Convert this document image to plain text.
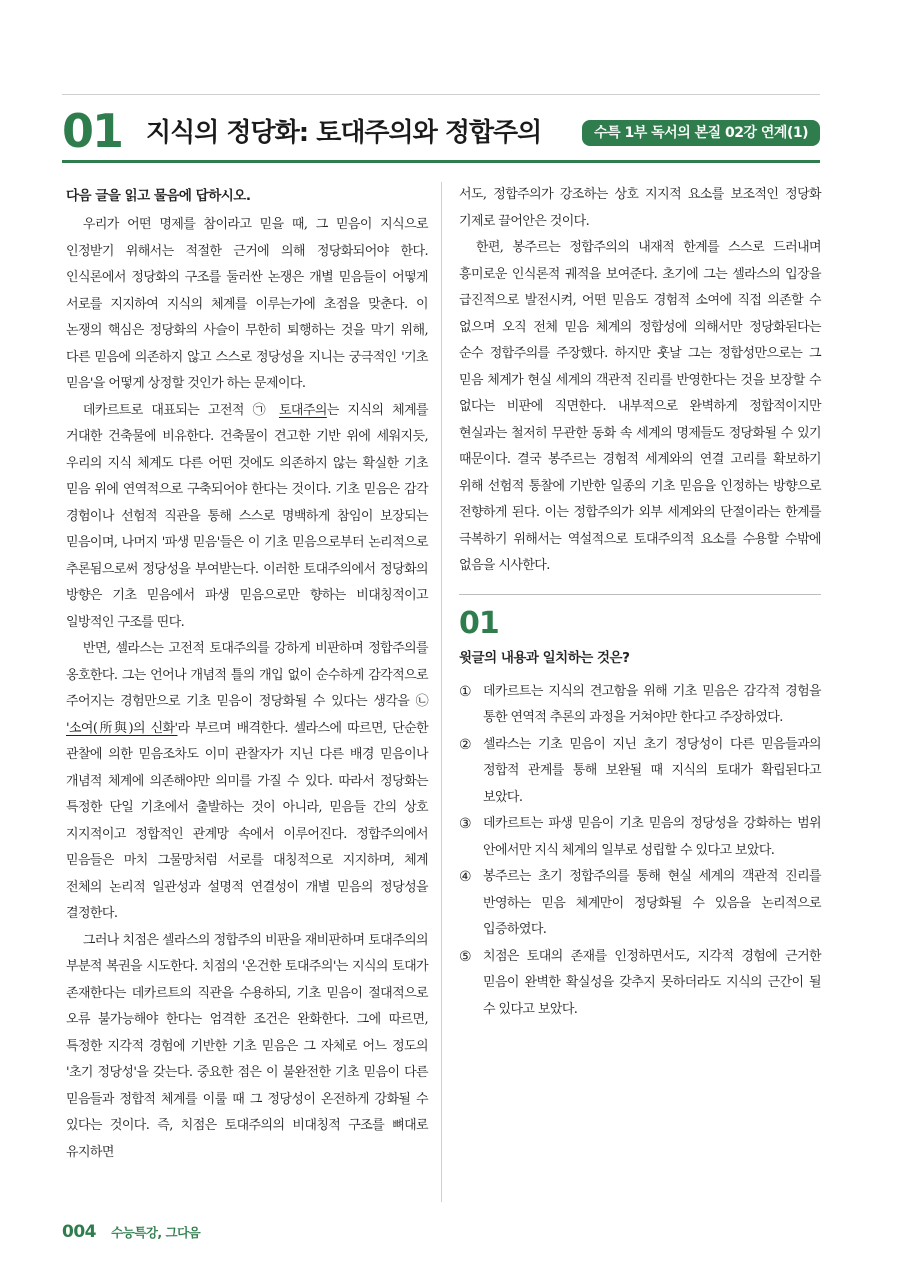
01 지식의 정당화: 토대주의와 정합주의	수특 1부 독서의 본질 02강 연계(1)
다음 글을 읽고 물음에 답하시오.

우리가 어떤 명제를 참이라고 믿을 때, 그 믿음이 지식으로 인정받기 위해서는 적절한 근거에 의해 정당화되어야 한다. 인식론에서 정당화의 구조를 둘러싼 논쟁은 개별 믿음들이 어떻게 서로를 지지하여 지식의 체계를 이루는가에 초점을 맞춘다. 이 논쟁의 핵심은 정당화의 사슬이 무한히 퇴행하는 것을 막기 위해, 다른 믿음에 의존하지 않고 스스로 정당성을 지니는 궁극적인 '기초 믿음'을 어떻게 상정할 것인가 하는 문제이다.

데카르트로 대표되는 고전적 ㉠ 토대주의는 지식의 체계를 거대한 건축물에 비유한다. 건축물이 견고한 기반 위에 세워지듯, 우리의 지식 체계도 다른 어떤 것에도 의존하지 않는 확실한 기초 믿음 위에 연역적으로 구축되어야 한다는 것이다. 기초 믿음은 감각 경험이나 선험적 직관을 통해 스스로 명백하게 참임이 보장되는 믿음이며, 나머지 '파생 믿음'들은 이 기초 믿음으로부터 논리적으로 추론됨으로써 정당성을 부여받는다. 이러한 토대주의에서 정당화의 방향은 기초 믿음에서 파생 믿음으로만 향하는 비대칭적이고 일방적인 구조를 띤다.

반면, 셀라스는 고전적 토대주의를 강하게 비판하며 정합주의를 옹호한다. 그는 언어나 개념적 틀의 개입 없이 순수하게 감각적으로 주어지는 경험만으로 기초 믿음이 정당화될 수 있다는 생각을 ㉡ '소여(所與)의 신화'라 부르며 배격한다. 셀라스에 따르면, 단순한 관찰에 의한 믿음조차도 이미 관찰자가 지닌 다른 배경 믿음이나 개념적 체계에 의존해야만 의미를 가질 수 있다. 따라서 정당화는 특정한 단일 기초에서 출발하는 것이 아니라, 믿음들 간의 상호 지지적이고 정합적인 관계망 속에서 이루어진다. 정합주의에서 믿음들은 마치 그물망처럼 서로를 대칭적으로 지지하며, 체계 전체의 논리적 일관성과 설명적 연결성이 개별 믿음의 정당성을 결정한다.

그러나 치점은 셀라스의 정합주의 비판을 재비판하며 토대주의의 부분적 복권을 시도한다. 치점의 '온건한 토대주의'는 지식의 토대가 존재한다는 데카르트의 직관을 수용하되, 기초 믿음이 절대적으로 오류 불가능해야 한다는 엄격한 조건은 완화한다. 그에 따르면, 특정한 지각적 경험에 기반한 기초 믿음은 그 자체로 어느 정도의 '초기 정당성'을 갖는다. 중요한 점은 이 불완전한 기초 믿음이 다른 믿음들과 정합적 체계를 이룰 때 그 정당성이 온전하게 강화될 수 있다는 것이다. 즉, 치점은 토대주의의 비대칭적 구조를 뼈대로 유지하면

서도, 정합주의가 강조하는 상호 지지적 요소를 보조적인 정당화 기제로 끌어안은 것이다.

한편, 봉주르는 정합주의의 내재적 한계를 스스로 드러내며 흥미로운 인식론적 궤적을 보여준다. 초기에 그는 셀라스의 입장을 급진적으로 발전시켜, 어떤 믿음도 경험적 소여에 직접 의존할 수 없으며 오직 전체 믿음 체계의 정합성에 의해서만 정당화된다는 순수 정합주의를 주장했다. 하지만 훗날 그는 정합성만으로는 그 믿음 체계가 현실 세계의 객관적 진리를 반영한다는 것을 보장할 수 없다는 비판에 직면한다. 내부적으로 완벽하게 정합적이지만 현실과는 철저히 무관한 동화 속 세계의 명제들도 정당화될 수 있기 때문이다. 결국 봉주르는 경험적 세계와의 연결 고리를 확보하기 위해 선험적 통찰에 기반한 일종의 기초 믿음을 인정하는 방향으로 전향하게 된다. 이는 정합주의가 외부 세계와의 단절이라는 한계를 극복하기 위해서는 역설적으로 토대주의적 요소를 수용할 수밖에 없음을 시사한다.

01
윗글의 내용과 일치하는 것은?
① 데카르트는 지식의 견고함을 위해 기초 믿음은 감각적 경험을 통한 연역적 추론의 과정을 거쳐야만 한다고 주장하였다.
② 셀라스는 기초 믿음이 지닌 초기 정당성이 다른 믿음들과의 정합적 관계를 통해 보완될 때 지식의 토대가 확립된다고 보았다.
③ 데카르트는 파생 믿음이 기초 믿음의 정당성을 강화하는 범위 안에서만 지식 체계의 일부로 성립할 수 있다고 보았다.
④ 봉주르는 초기 정합주의를 통해 현실 세계의 객관적 진리를 반영하는 믿음 체계만이 정당화될 수 있음을 논리적으로 입증하였다.
⑤ 치점은 토대의 존재를 인정하면서도, 지각적 경험에 근거한 믿음이 완벽한 확실성을 갖추지 못하더라도 지식의 근간이 될 수 있다고 보았다.
004 수능특강, 그다음
